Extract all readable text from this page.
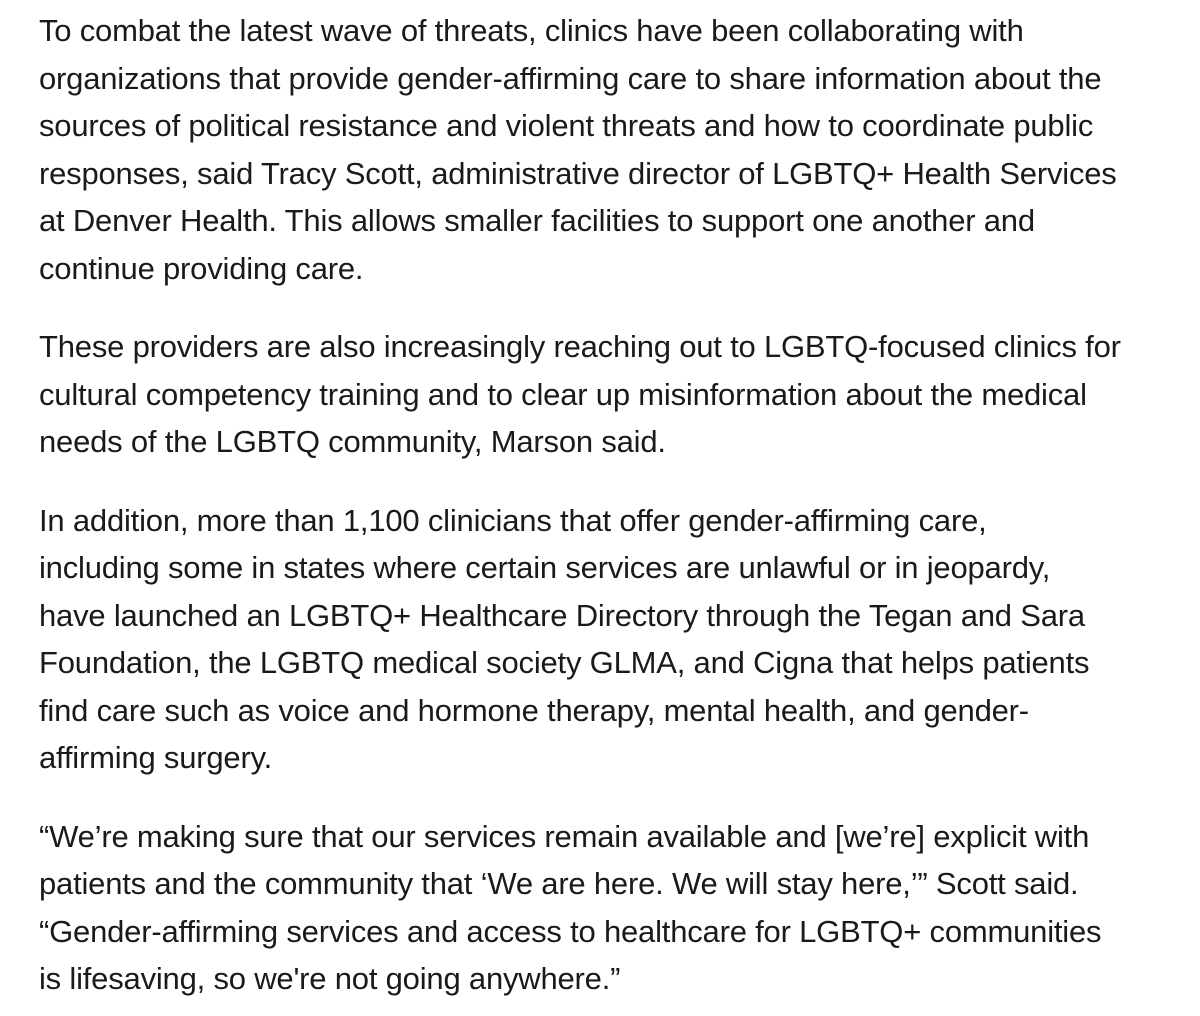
To combat the latest wave of threats, clinics have been collaborating with
organizations that provide gender-affirming care to share information about the
sources of political resistance and violent threats and how to coordinate public
responses, said Tracy Scott, administrative director of LGBTQ+ Health Services
at Denver Health. This allows smaller facilities to support one another and
continue providing care.

These providers are also increasingly reaching out to LGBTQ-focused clinics for
cultural competency training and to clear up misinformation about the medical
needs of the LGBTQ community, Marson said.

In addition, more than 1,100 clinicians that offer gender-affirming care,
including some in states where certain services are unlawful or in jeopardy,
have launched an LGBTQ+ Healthcare Directory through the Tegan and Sara
Foundation, the LGBTQ medical society GLMA, and Cigna that helps patients
find care such as voice and hormone therapy, mental health, and gender-
affirming surgery.

“We’re making sure that our services remain available and [we’re] explicit with
patients and the community that ‘We are here. We will stay here,’” Scott said.
“Gender-affirming services and access to healthcare for LGBTQ+ communities
is lifesaving, so we're not going anywhere.”
